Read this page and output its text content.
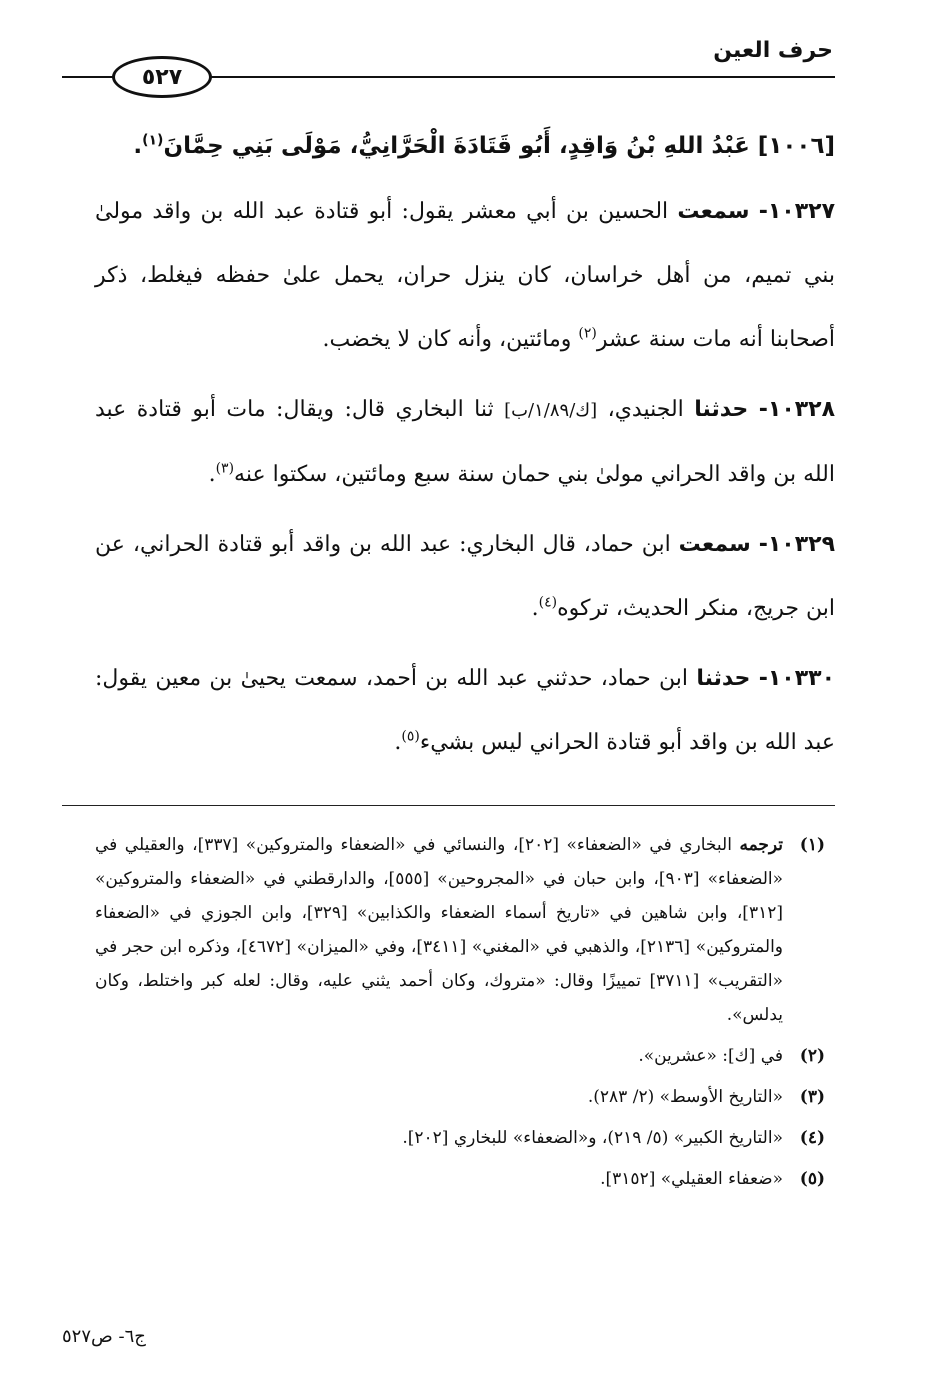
حرف العين
٥٢٧
[١٠٠٦] عَبْدُ اللهِ بْنُ وَاقِدٍ، أَبُو قَتَادَةَ الْحَرَّانِيُّ، مَوْلَى بَنِي حِمَّانَ$^{(١)}$.

١٠٣٢٧- سمعت الحسين بن أبي معشر يقول: أبو قتادة عبد الله بن واقد مولىٰ بني تميم، من أهل خراسان، كان ينزل حران، يحمل علىٰ حفظه فيغلط، ذكر أصحابنا أنه مات سنة عشر$^{(٢)}$ ومائتين، وأنه كان لا يخضب.

١٠٣٢٨- حدثنا الجنيدي، [ك/١/٨٩/ب] ثنا البخاري قال: ويقال: مات أبو قتادة عبد الله بن واقد الحراني مولىٰ بني حمان سنة سبع ومائتين، سكتوا عنه$^{(٣)}$.

١٠٣٢٩- سمعت ابن حماد، قال البخاري: عبد الله بن واقد أبو قتادة الحراني، عن ابن جريج، منكر الحديث، تركوه$^{(٤)}$.

١٠٣٣٠- حدثنا ابن حماد، حدثني عبد الله بن أحمد، سمعت يحيىٰ بن معين يقول: عبد الله بن واقد أبو قتادة الحراني ليس بشيء$^{(٥)}$.

(١)
ترجمه البخاري في «الضعفاء» [٢٠٢]، والنسائي في «الضعفاء والمتروكين» [٣٣٧]، والعقيلي في «الضعفاء» [٩٠٣]، وابن حبان في «المجروحين» [٥٥٥]، والدارقطني في «الضعفاء والمتروكين» [٣١٢]، وابن شاهين في «تاريخ أسماء الضعفاء والكذابين» [٣٢٩]، وابن الجوزي في «الضعفاء والمتروكين» [٢١٣٦]، والذهبي في «المغني» [٣٤١١]، وفي «الميزان» [٤٦٧٢]، وذكره ابن حجر في «التقريب» [٣٧١١] تمييزًا وقال: «متروك، وكان أحمد يثني عليه، وقال: لعله كبر واختلط، وكان يدلس».

(٢)
في [ك]: «عشرين».

(٣)
«التاريخ الأوسط» (٢/ ٢٨٣).

(٤)
«التاريخ الكبير» (٥/ ٢١٩)، و«الضعفاء» للبخاري [٢٠٢].

(٥)
«ضعفاء العقيلي» [٣١٥٢].

ج٦- ص٥٢٧
